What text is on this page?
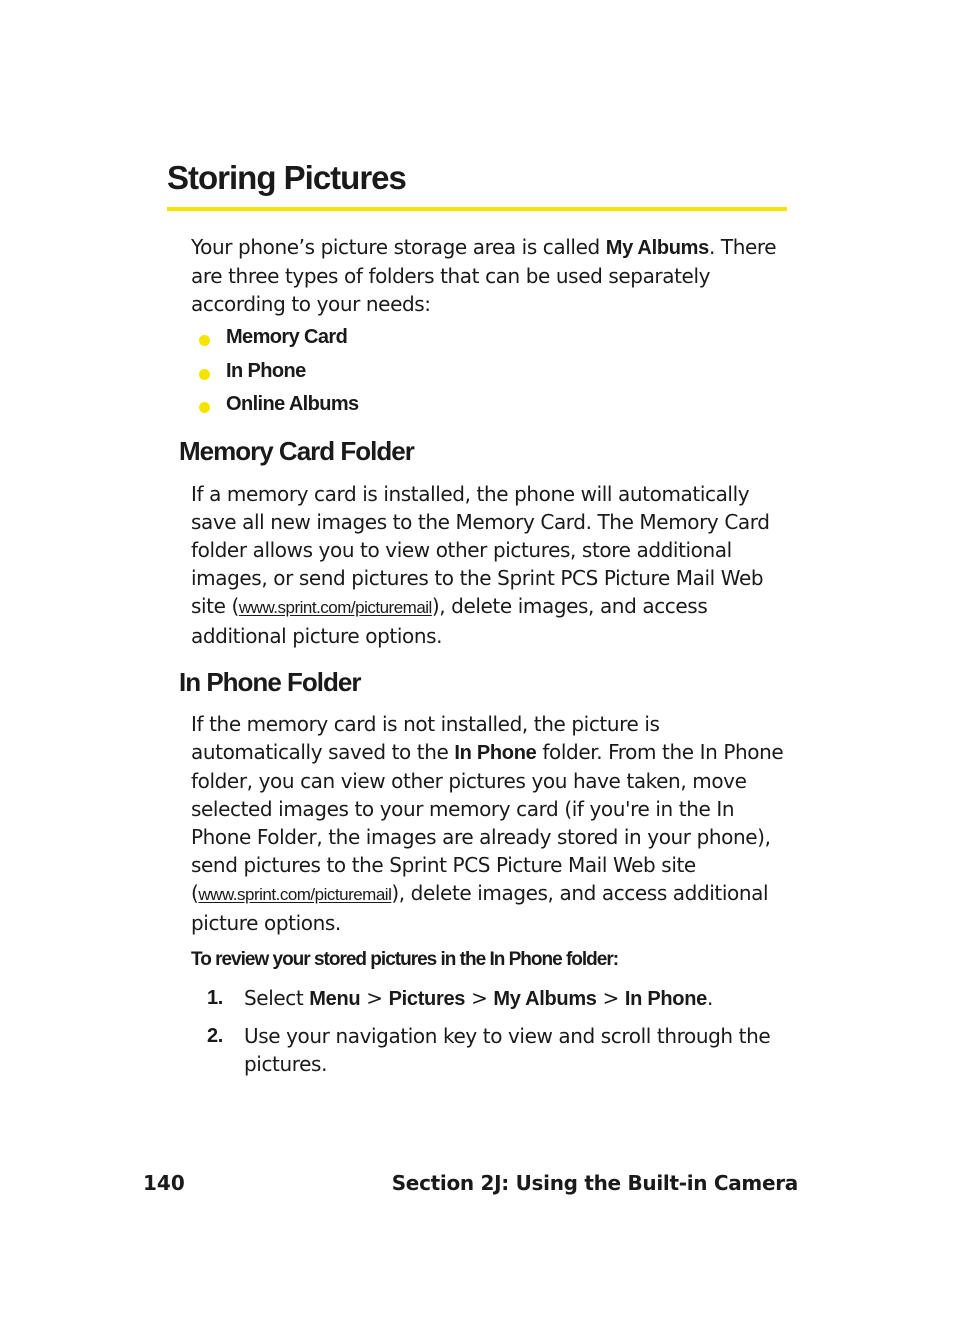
Storing Pictures

Your phone’s picture storage area is called My Albums. There are three types of folders that can be used separately according to your needs:

Memory Card
In Phone
Online Albums
Memory Card Folder

If a memory card is installed, the phone will automatically save all new images to the Memory Card. The Memory Card folder allows you to view other pictures, store additional images, or send pictures to the Sprint PCS Picture Mail Web site (www.sprint.com/picturemail), delete images, and access additional picture options.

In Phone Folder

If the memory card is not installed, the picture is automatically saved to the In Phone folder. From the In Phone folder, you can view other pictures you have taken, move selected images to your memory card (if you're in the In Phone Folder, the images are already stored in your phone), send pictures to the Sprint PCS Picture Mail Web site (www.sprint.com/picturemail), delete images, and access additional picture options.

To review your stored pictures in the In Phone folder:

1. Select Menu > Pictures > My Albums > In Phone.
2. Use your navigation key to view and scroll through the pictures.
140	Section 2J: Using the Built-in Camera
